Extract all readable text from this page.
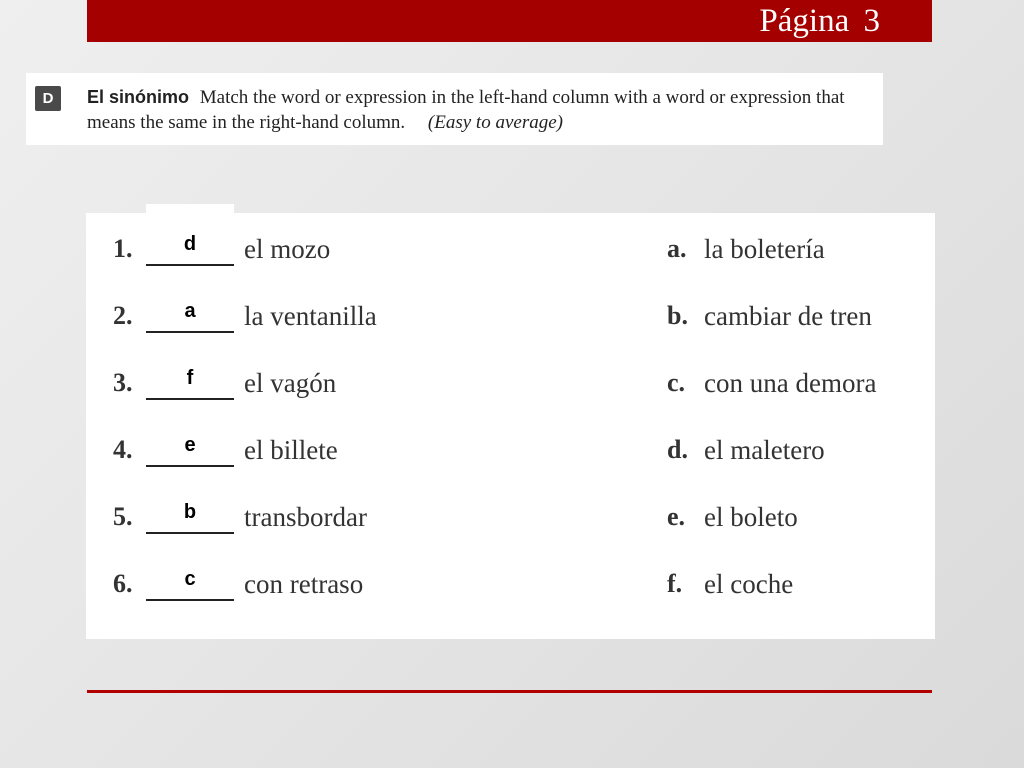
Página 3
D	El sinónimo Match the word or expression in the left-hand column with a word or expression that means the same in the right-hand column. (Easy to average)
1.	d	el mozo	a. la boletería
2.	a	la ventanilla	b. cambiar de tren
3.	f	el vagón	c. con una demora
4.	e	el billete	d. el maletero
5.	b	transbordar	e. el boleto
6.	c	con retraso	f. el coche
